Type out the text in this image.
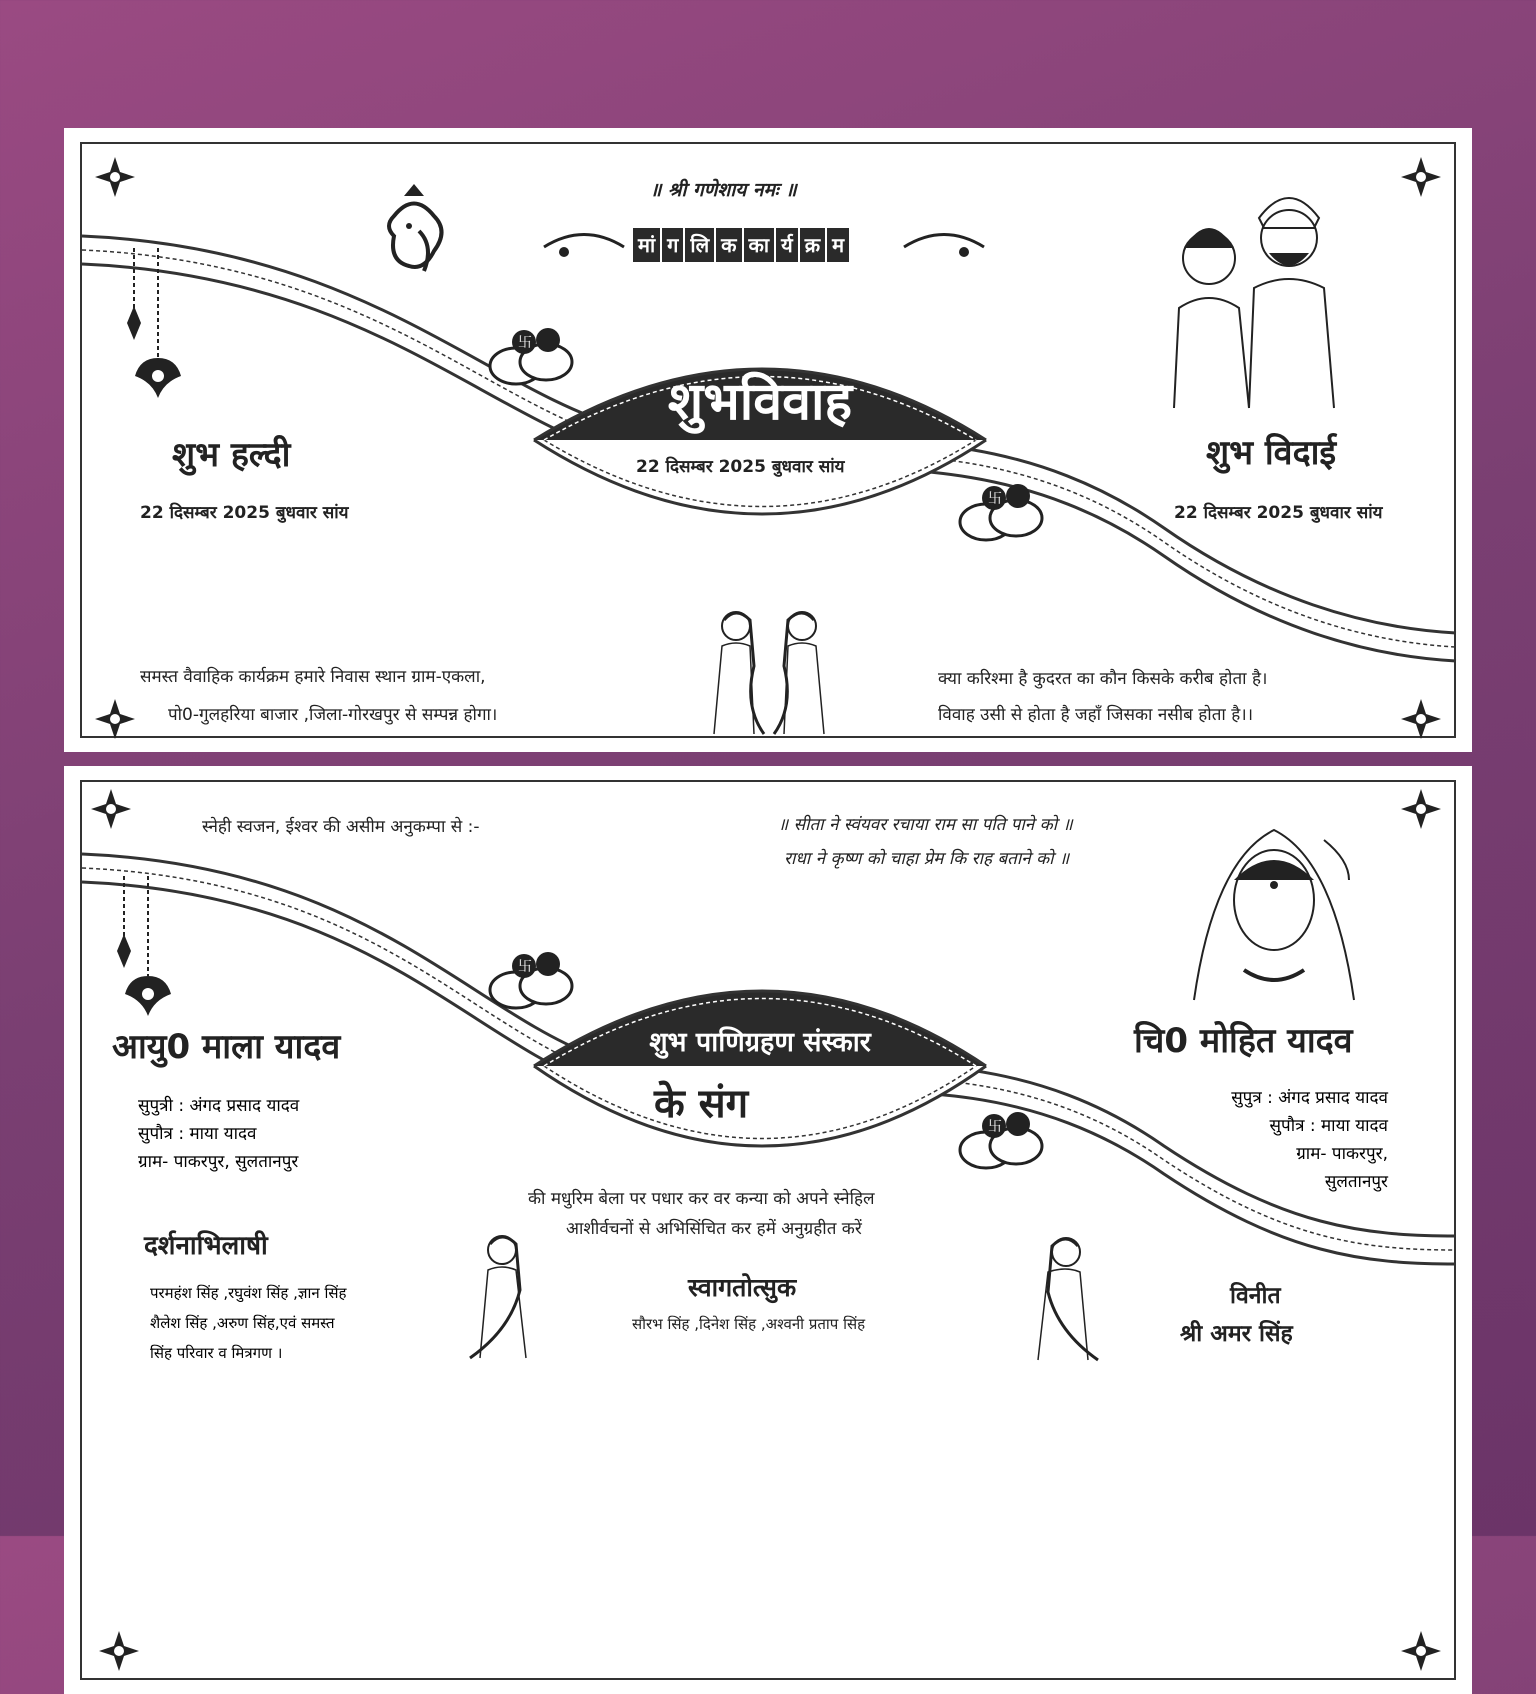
॥ श्री गणेशाय नमः ॥
मां ग लि क का र्य क्र म
卐
卐
शुभविवाह
22 दिसम्बर 2025 बुधवार सांय
शुभ हल्दी
22 दिसम्बर 2025 बुधवार सांय
शुभ विदाई
22 दिसम्बर 2025 बुधवार सांय
समस्त वैवाहिक कार्यक्रम हमारे निवास स्थान ग्राम-एकला,
पो0-गुलहरिया बाजार ,जिला-गोरखपुर से सम्पन्न होगा।
क्या करिश्मा है कुदरत का कौन किसके करीब होता है।
विवाह उसी से होता है जहाँ जिसका नसीब होता है।।
स्नेही स्वजन, ईश्वर की असीम अनुकम्पा से :-	॥ सीता ने स्वंयवर रचाया राम सा पति पाने को ॥
राधा ने कृष्ण को चाहा प्रेम कि राह बताने को ॥
卐
卐
शुभ पाणिग्रहण संस्कार
के संग
आयु0 माला यादव
सुपुत्री : अंगद प्रसाद यादव
सुपौत्र : माया यादव
ग्राम- पाकरपुर, सुलतानपुर
चि0 मोहित यादव
सुपुत्र : अंगद प्रसाद यादव
सुपौत्र : माया यादव
ग्राम- पाकरपुर,
सुलतानपुर
की मधुरिम बेला पर पधार कर वर कन्या को अपने स्नेहिल
आशीर्वचनों से अभिसिंचित कर हमें अनुग्रहीत करें
दर्शनाभिलाषी
परमहंश सिंह ,रघुवंश सिंह ,ज्ञान सिंह
शैलेश सिंह ,अरुण सिंह,एवं समस्त
सिंह परिवार व मित्रगण ।
स्वागतोत्सुक
सौरभ सिंह ,दिनेश सिंह ,अश्वनी प्रताप सिंह
विनीत
श्री अमर सिंह
